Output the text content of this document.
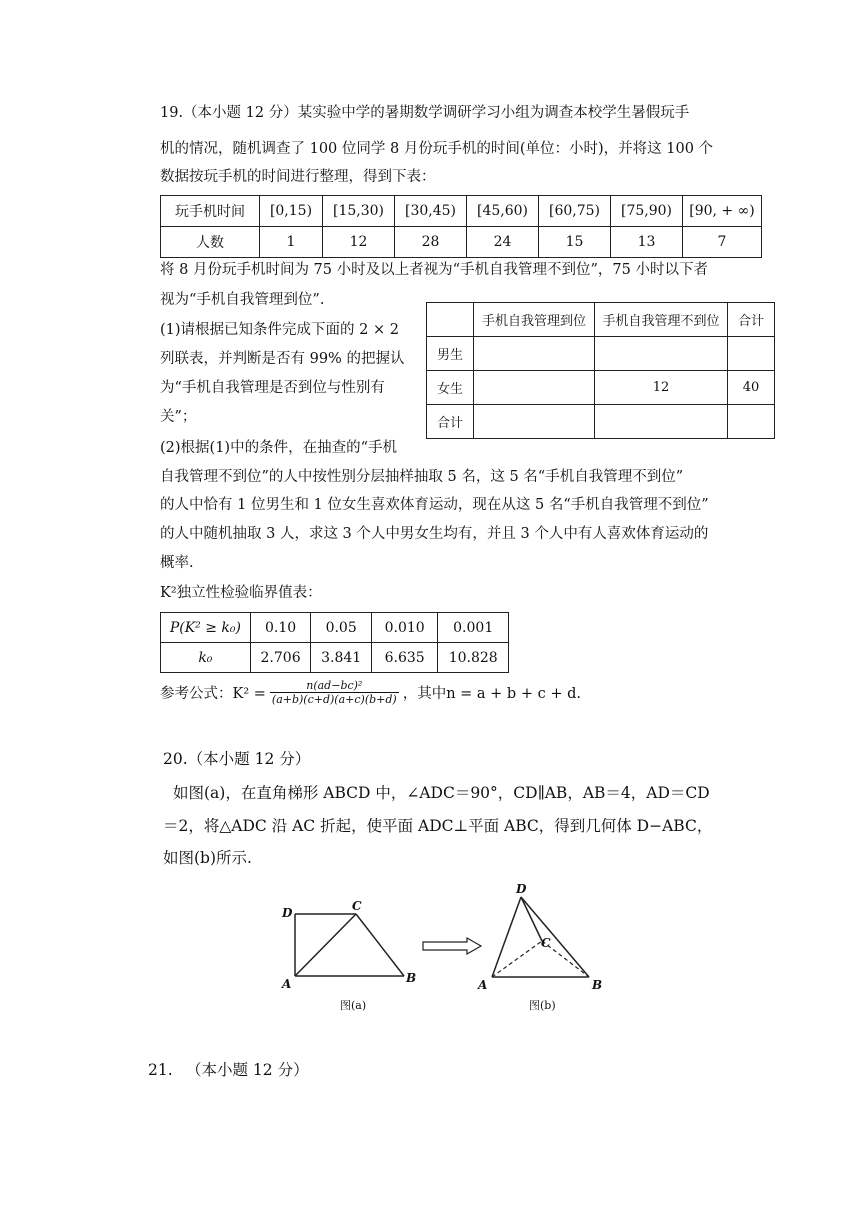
19.（本小题 12 分）某实验中学的暑期数学调研学习小组为调查本校学生暑假玩手
机的情况，随机调查了 100 位同学 8 月份玩手机的时间(单位：小时)，并将这 100 个
数据按玩手机的时间进行整理，得到下表：
玩手机时间	[0,15)	[15,30)	[30,45)	[45,60)	[60,75)	[75,90)	[90, + ∞)
人数	1	12	28	24	15	13	7
将 8 月份玩手机时间为 75 小时及以上者视为“手机自我管理不到位”，75 小时以下者
视为“手机自我管理到位”.
(1)请根据已知条件完成下面的 2 × 2
列联表，并判断是否有 99% 的把握认
为“手机自我管理是否到位与性别有
关”；
	手机自我管理到位	手机自我管理不到位	合计
男生			
女生		12	40
合计			
(2)根据(1)中的条件，在抽查的“手机
自我管理不到位”的人中按性别分层抽样抽取 5 名，这 5 名“手机自我管理不到位”
的人中恰有 1 位男生和 1 位女生喜欢体育运动，现在从这 5 名“手机自我管理不到位”
的人中随机抽取 3 人，求这 3 个人中男女生均有，并且 3 个人中有人喜欢体育运动的
概率.
K²独立性检验临界值表：
P(K² ≥ k₀)	0.10	0.05	0.010	0.001
k₀	2.706	3.841	6.635	10.828
参考公式：K² =
n(ad−bc)²
(a+b)(c+d)(a+c)(b+d) ，其中n = a + b + c + d.
20.（本小题 12 分）
如图(a)，在直角梯形 ABCD 中，∠ADC＝90°，CD∥AB，AB＝4，AD＝CD
＝2，将△ADC 沿 AC 折起，使平面 ADC⊥平面 ABC，得到几何体 D−ABC，
如图(b)所示.
D	C
A	B
图(a)
D
C
A	B
图(b)
21. （本小题 12 分）
